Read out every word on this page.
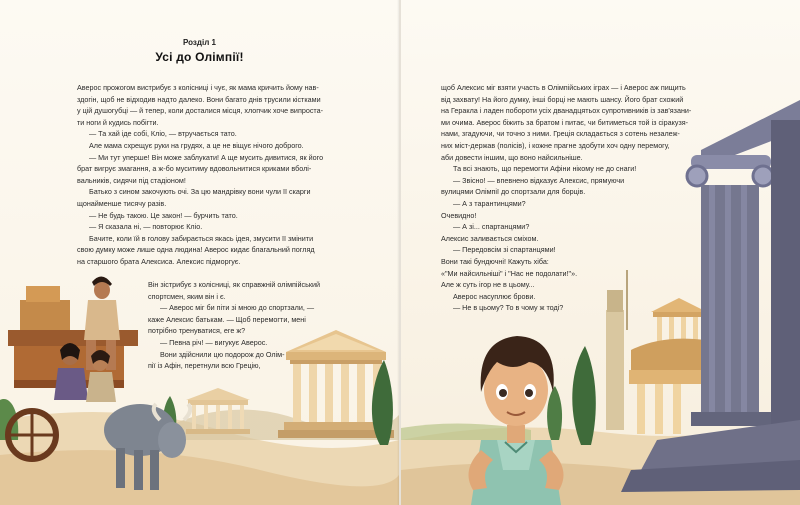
Розділ 1
Усі до Олімпії!

Аверос прожогом вистрибує з колісниці і чує, як мама кричить йому нав-

здогін, щоб не відходив надто далеко. Вони багато днів трусили кістками

у цій душогубці — й тепер, коли досталися місця, хлопчик хоче випроста-

ти ноги й кудись побігти.

— Та хай іде собі, Кліо, — втручається тато.

Але мама схрещує руки на грудях, а це не віщує нічого доброго.

— Ми тут уперше! Він може заблукати! А ще мусить дивитися, як його

брат вигрує змагання, а ж-бо муситиму вдовольнитися криками вболі-

вальників, сидячи під стадіоном!

Батько з сином закочують очі. За цю мандрівку вони чули її скарги

щонайменше тисячу разів.

— Не будь такою. Це закон! — бурчить тато.

— Я сказала ні, — повторює Кліо.

Бачите, коли їй в голову забирається якась ідея, змусити її змінити

свою думку може лише одна людина! Аверос кидає благальний погляд

на старшого брата Алексиса. Алексис підморгує.

Він зістрибує з колісниці, як справжній олімпійський

спортсмен, яким він і є.

— Аверос міг би піти зі мною до спортзали, —

каже Алексис батькам. — Щоб перемогти, мені

потрібно тренуватися, еге ж?

— Певна річ! — вигукує Аверос.

Вони здійснили цю подорож до Олім-

пії із Афін, перетнули всю Грецію,

щоб Алексис міг взяти участь в Олімпійських іграх — і Аверос аж пищить

від захвату! На його думку, інші борці не мають шансу. Його брат схожий

на Геракла і ладен побороти усіх дванадцятьох супротивників із зав'язани-

ми очима. Аверос біжить за братом і питає, чи битиметься той із сіракузя-

нами, згадуючи, чи точно з ними. Греція складається з сотень незалеж-

них міст-держав (полісів), і кожне прагне здобути хоч одну перемогу,

аби довести іншим, що воно найсильніше.

Та всі знають, що перемогти Афіни нікому не до снаги!

— Звісно! — впевнено відказує Алексис, прямуючи

вулицями Олімпії до спортзали для борців.

— А з тарантинцями?

Очевидно!

— А зі... спартанцями?

Алексис заливається сміхом.

— Передовсім зі спартанцями!

Вони такі бундючні! Кажуть хіба:

«"Ми найсильніші" і "Нас не подолати!"».

Але ж суть ігор не в цьому...

Аверос насуплює брови.

— Не в цьому? То в чому ж тоді?
